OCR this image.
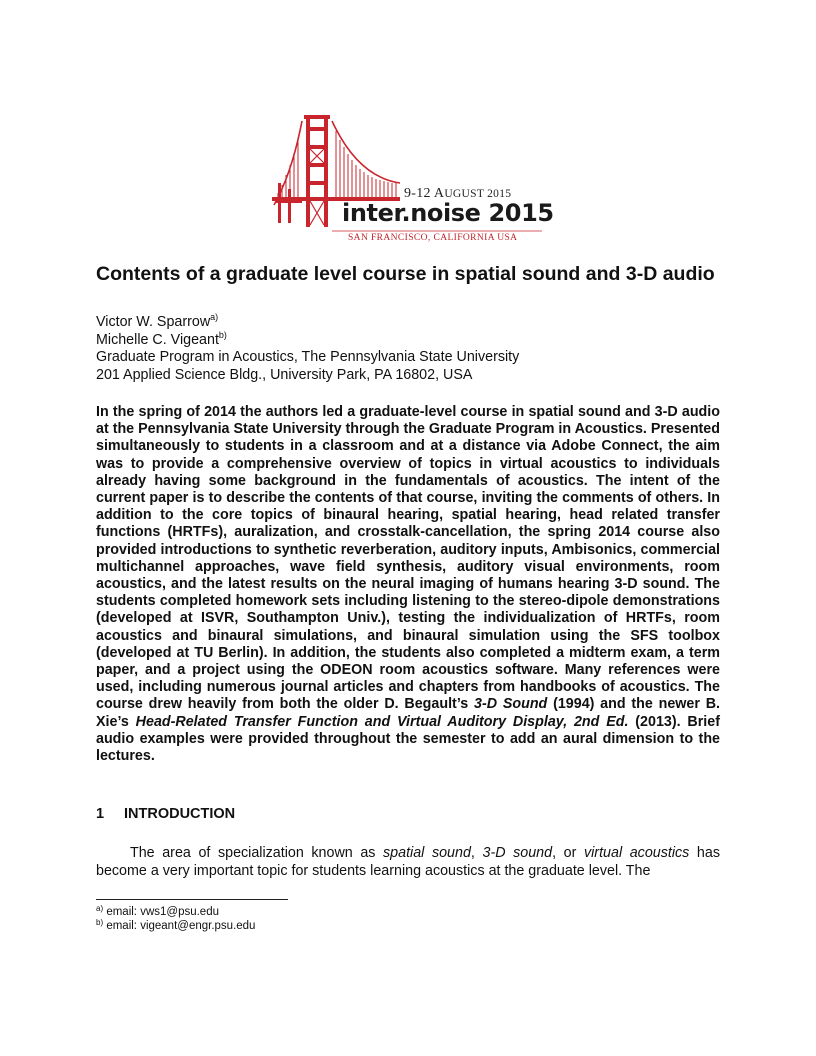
9-12 AUGUST 2015
inter.noise 2015
SAN FRANCISCO, CALIFORNIA USA
Contents of a graduate level course in spatial sound and 3-D audio
Victor W. Sparrow$^{a)}$
Michelle C. Vigeant$^{b)}$
Graduate Program in Acoustics, The Pennsylvania State University
201 Applied Science Bldg., University Park, PA 16802, USA
In the spring of 2014 the authors led a graduate-level course in spatial sound and 3-D audio at the Pennsylvania State University through the Graduate Program in Acoustics. Presented simultaneously to students in a classroom and at a distance via Adobe Connect, the aim was to provide a comprehensive overview of topics in virtual acoustics to individuals already having some background in the fundamentals of acoustics. The intent of the current paper is to describe the contents of that course, inviting the comments of others. In addition to the core topics of binaural hearing, spatial hearing, head related transfer functions (HRTFs), auralization, and crosstalk-cancellation, the spring 2014 course also provided introductions to synthetic reverberation, auditory inputs, Ambisonics, commercial multichannel approaches, wave field synthesis, auditory visual environments, room acoustics, and the latest results on the neural imaging of humans hearing 3-D sound. The students completed homework sets including listening to the stereo-dipole demonstrations (developed at ISVR, Southampton Univ.), testing the individualization of HRTFs, room acoustics and binaural simulations, and binaural simulation using the SFS toolbox (developed at TU Berlin). In addition, the students also completed a midterm exam, a term paper, and a project using the ODEON room acoustics software. Many references were used, including numerous journal articles and chapters from handbooks of acoustics. The course drew heavily from both the older D. Begault’s 3-D Sound (1994) and the newer B. Xie’s Head-Related Transfer Function and Virtual Auditory Display, 2nd Ed. (2013). Brief audio examples were provided throughout the semester to add an aural dimension to the lectures.
1 INTRODUCTION
The area of specialization known as spatial sound, 3-D sound, or virtual acoustics has become a very important topic for students learning acoustics at the graduate level. The
$^{a)}$ email: vws1@psu.edu
$^{b)}$ email: vigeant@engr.psu.edu
